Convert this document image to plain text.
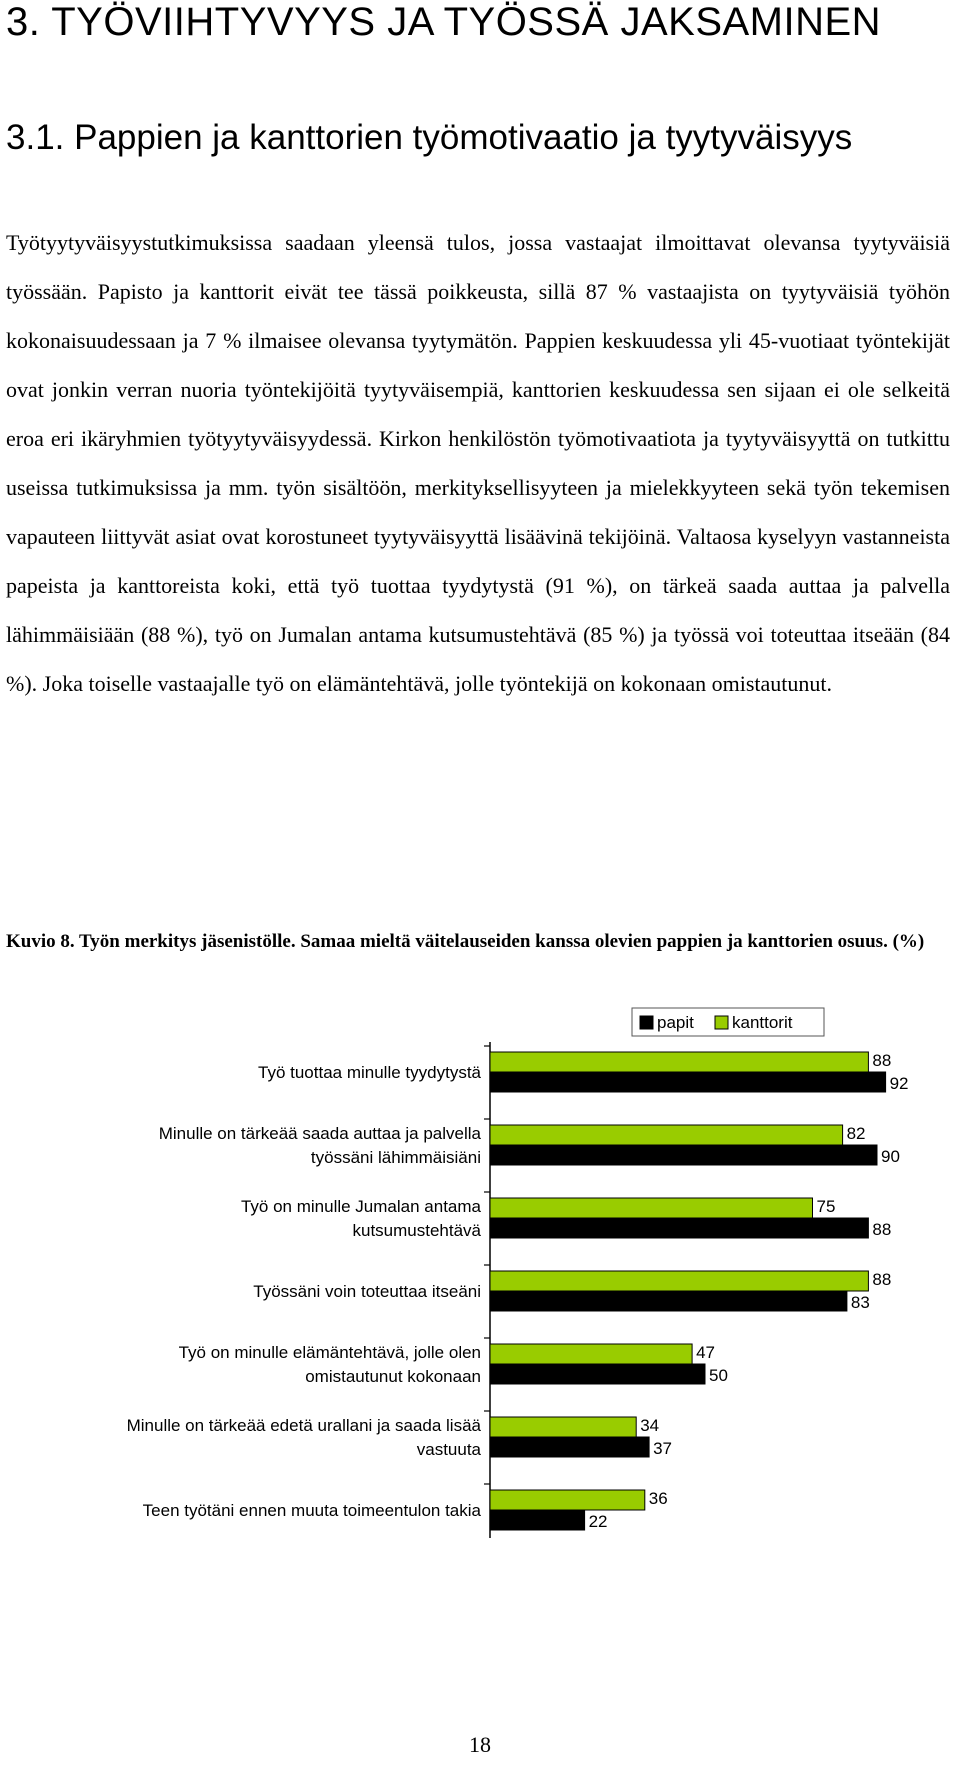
3. TYÖVIIHTYVYYS JA TYÖSSÄ JAKSAMINEN
3.1. Pappien ja kanttorien työmotivaatio ja tyytyväisyys

Työtyytyväisyystutkimuksissa saadaan yleensä tulos, jossa vastaajat ilmoittavat olevansa tyytyväisiä työssään. Papisto ja kanttorit eivät tee tässä poikkeusta, sillä 87 % vastaajista on tyytyväisiä työhön kokonaisuudessaan ja 7 % ilmaisee olevansa tyytymätön. Pappien keskuudessa yli 45-vuotiaat työntekijät ovat jonkin verran nuoria työntekijöitä tyytyväisempiä, kanttorien keskuudessa sen sijaan ei ole selkeitä eroa eri ikäryhmien työtyytyväisyydessä. Kirkon henkilöstön työmotivaatiota ja tyytyväisyyttä on tutkittu useissa tutkimuksissa ja mm. työn sisältöön, merkityksellisyyteen ja mielekkyyteen sekä työn tekemisen vapauteen liittyvät asiat ovat korostuneet tyytyväisyyttä lisäävinä tekijöinä. Valtaosa kyselyyn vastanneista papeista ja kanttoreista koki, että työ tuottaa tyydytystä (91 %), on tärkeä saada auttaa ja palvella lähimmäisiään (88 %), työ on Jumalan antama kutsumustehtävä (85 %) ja työssä voi toteuttaa itseään (84 %). Joka toiselle vastaajalle työ on elämäntehtävä, jolle työntekijä on kokonaan omistautunut.

Kuvio 8. Työn merkitys jäsenistölle. Samaa mieltä väitelauseiden kanssa olevien pappien ja kanttorien osuus. (%)

88
92
Työ tuottaa minulle tyydytystä
82
90
Minulle on tärkeää saada auttaa ja palvella
työssäni lähimmäisiäni
75
88
Työ on minulle Jumalan antama
kutsumustehtävä
88
83
Työssäni voin toteuttaa itseäni
47
50
Työ on minulle elämäntehtävä, jolle olen
omistautunut kokonaan
34
37
Minulle on tärkeää edetä urallani ja saada lisää
vastuuta
36
22
Teen työtäni ennen muuta toimeentulon takia
papit kanttorit
18
